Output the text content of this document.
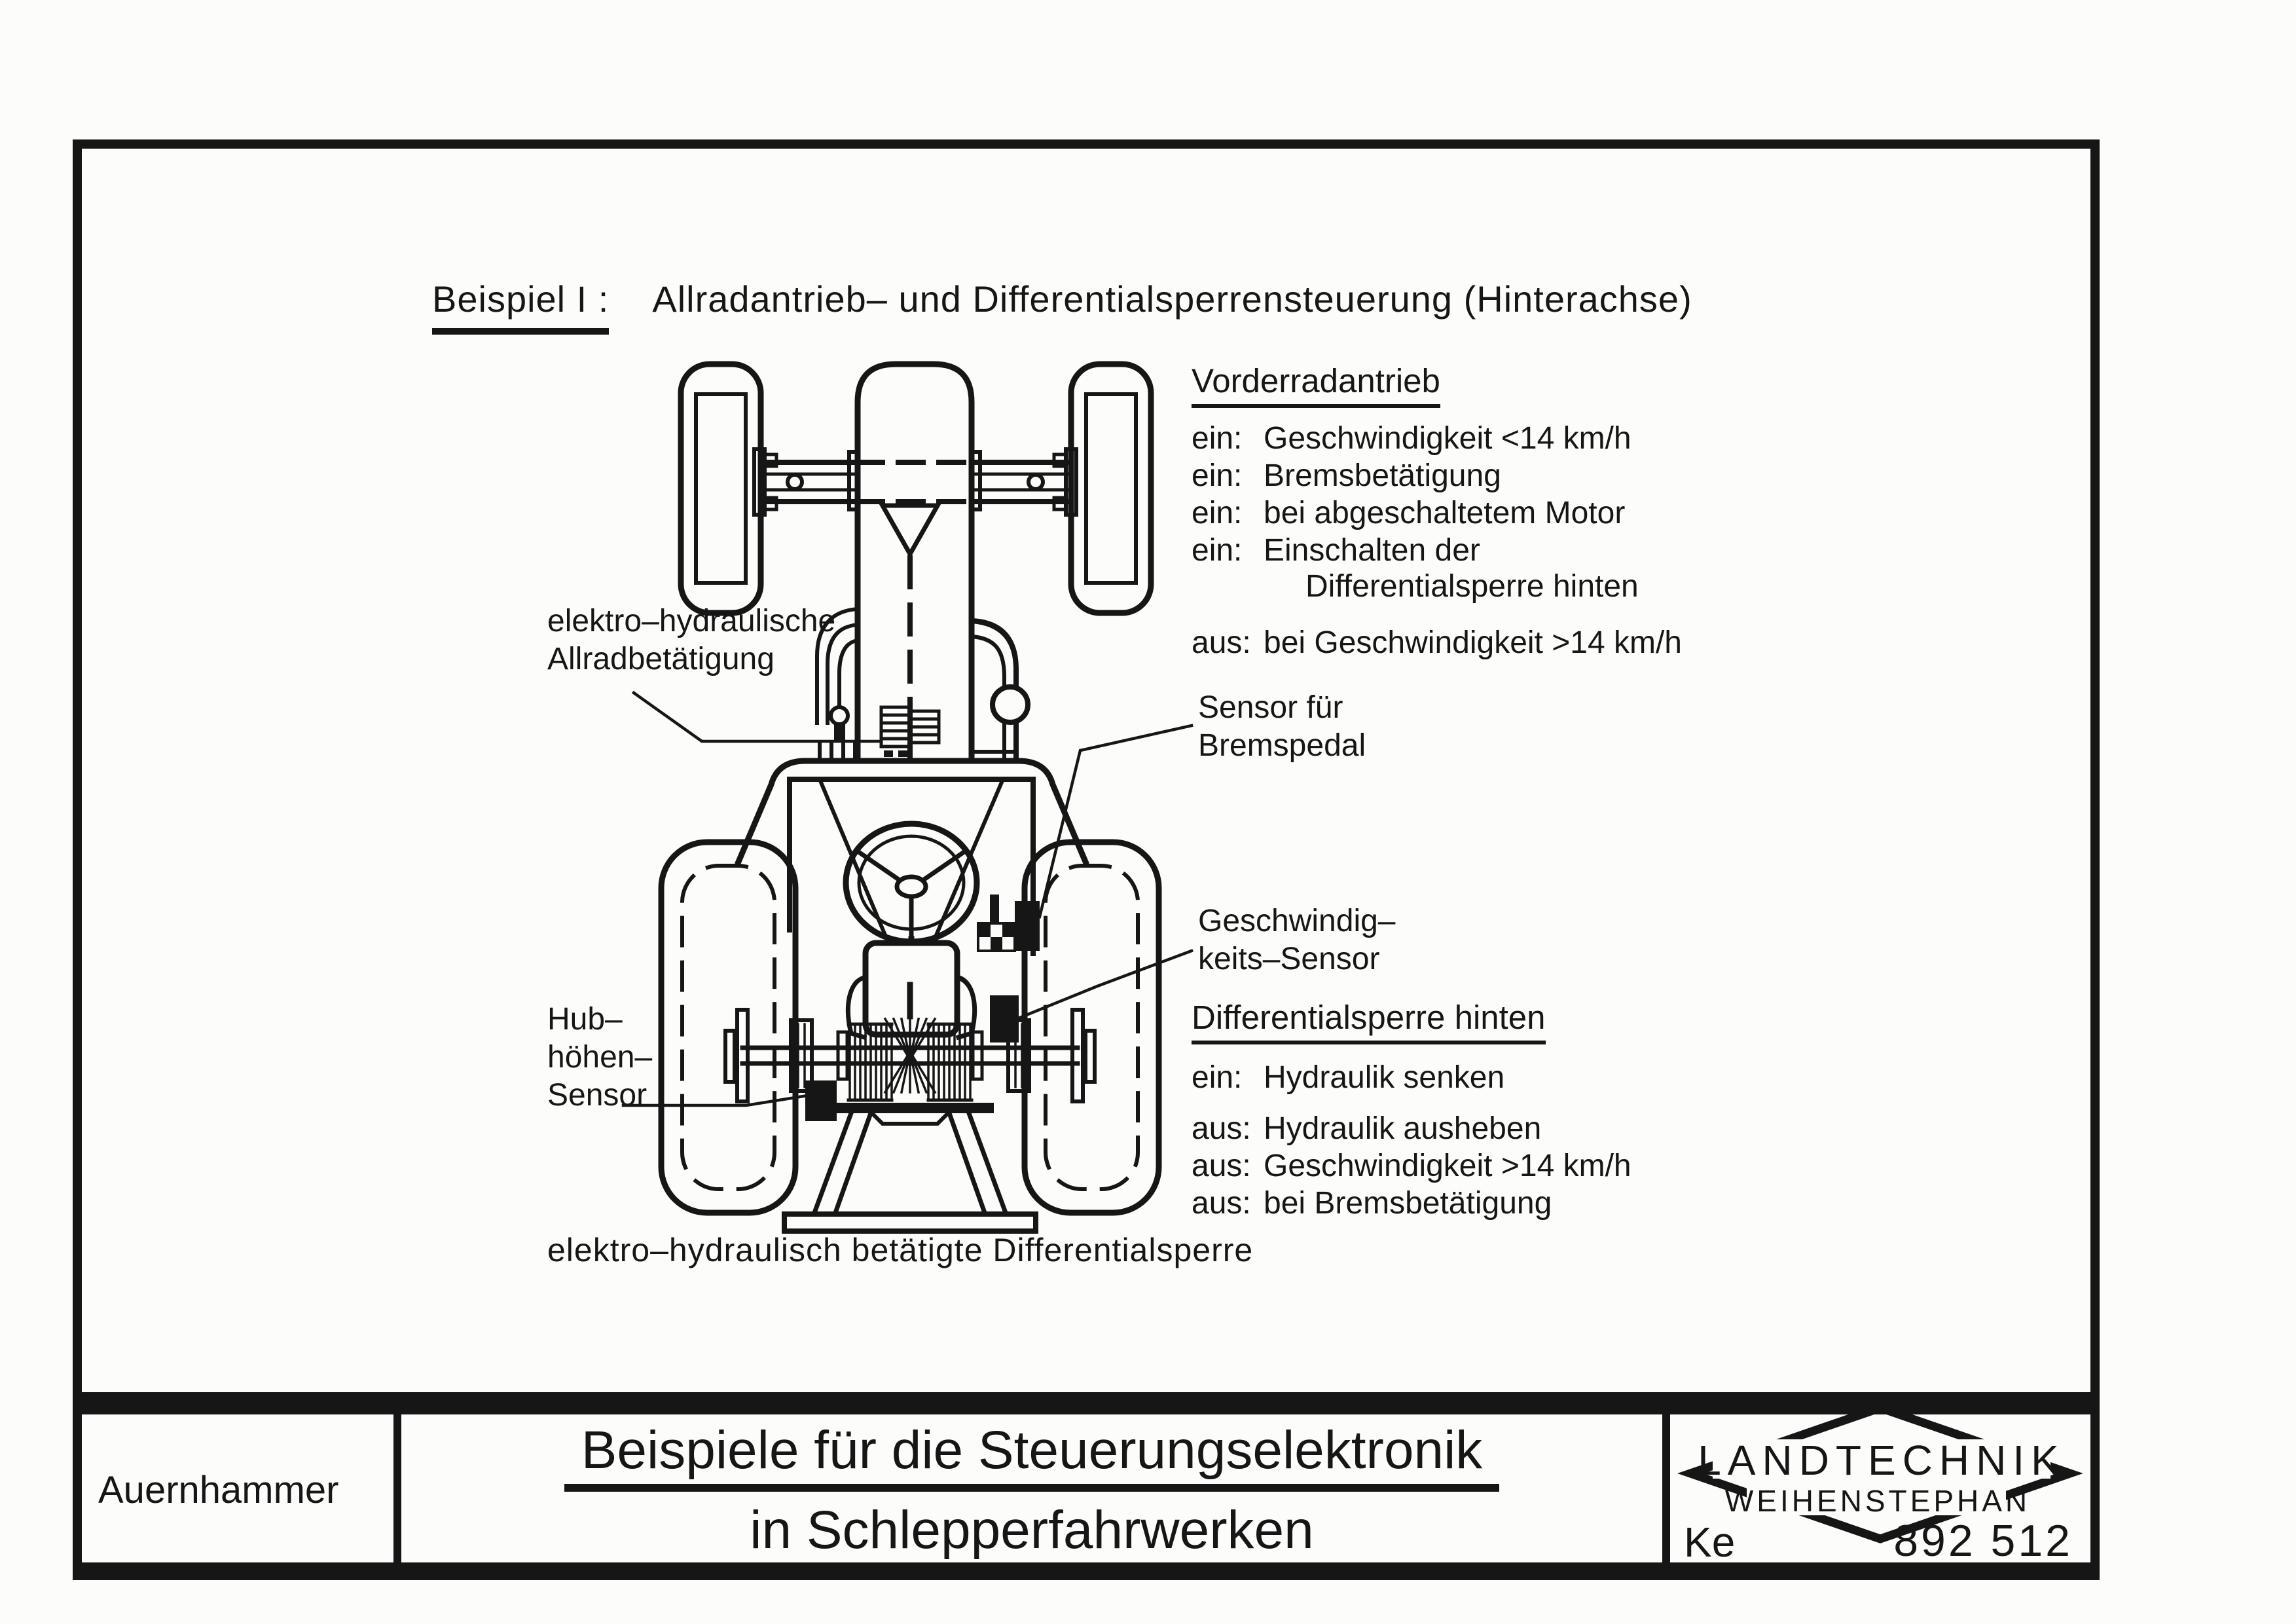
LANDTECHNIK
WEIHENSTEPHAN
Beispiel I : Allradantrieb– und Differentialsperrensteuerung (Hinterachse)
Vorderradantrieb
ein: Geschwindigkeit <14 km/h
ein: Bremsbetätigung
ein: bei abgeschaltetem Motor
ein: Einschalten der
Differentialsperre hinten
aus: bei Geschwindigkeit >14 km/h
Sensor für
Bremspedal
Geschwindig–
keits–Sensor
Differentialsperre hinten
ein: Hydraulik senken
aus: Hydraulik ausheben
aus: Geschwindigkeit >14 km/h
aus: bei Bremsbetätigung
elektro–hydraulische
Allradbetätigung
Hub–
höhen–
Sensor
elektro–hydraulisch betätigte Differentialsperre
Auernhammer
Beispiele für die Steuerungselektronik
in Schlepperfahrwerken	Ke	892 512
